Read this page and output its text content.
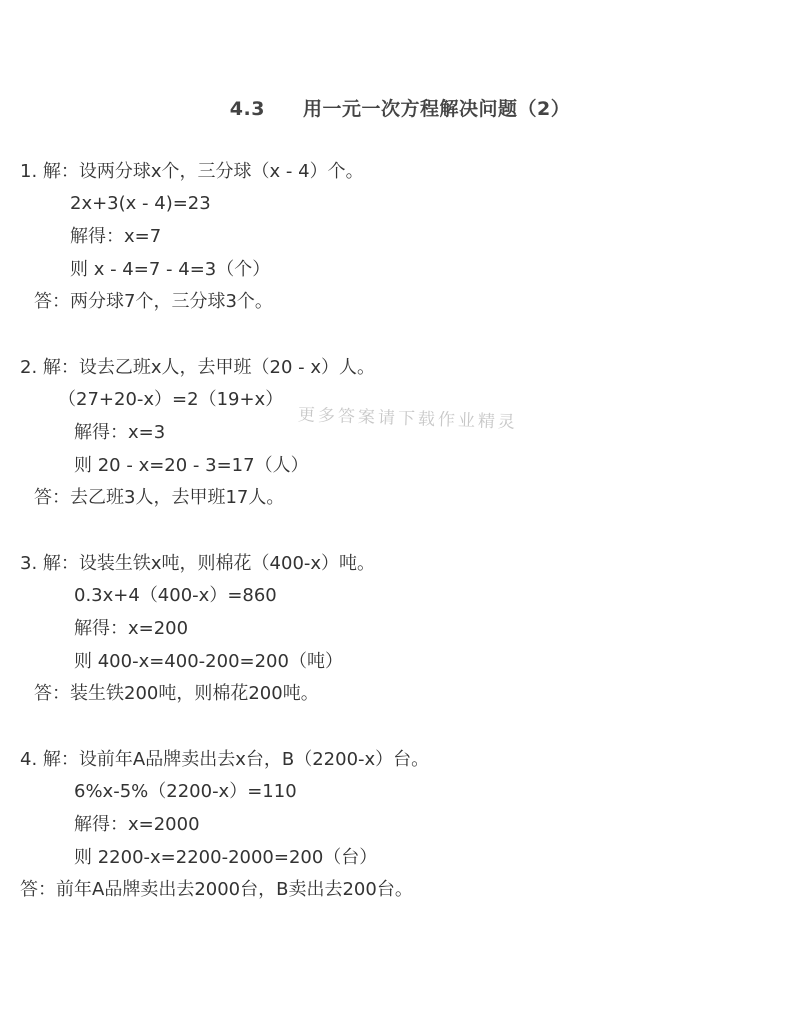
4.3 用一元一次方程解决问题（2）
更多答案请下载作业精灵
1. 解：设两分球x个，三分球（x - 4）个。
2x+3(x - 4)=23
解得：x=7
则 x - 4=7 - 4=3（个）
答：两分球7个，三分球3个。
2. 解：设去乙班x人，去甲班（20 - x）人。
（27+20-x）=2（19+x）
解得：x=3
则 20 - x=20 - 3=17（人）
答：去乙班3人，去甲班17人。
3. 解：设装生铁x吨，则棉花（400-x）吨。
0.3x+4（400-x）=860
解得：x=200
则 400-x=400-200=200（吨）
答：装生铁200吨，则棉花200吨。
4. 解：设前年A品牌卖出去x台，B（2200-x）台。
6%x-5%（2200-x）=110
解得：x=2000
则 2200-x=2200-2000=200（台）
答：前年A品牌卖出去2000台，B卖出去200台。
